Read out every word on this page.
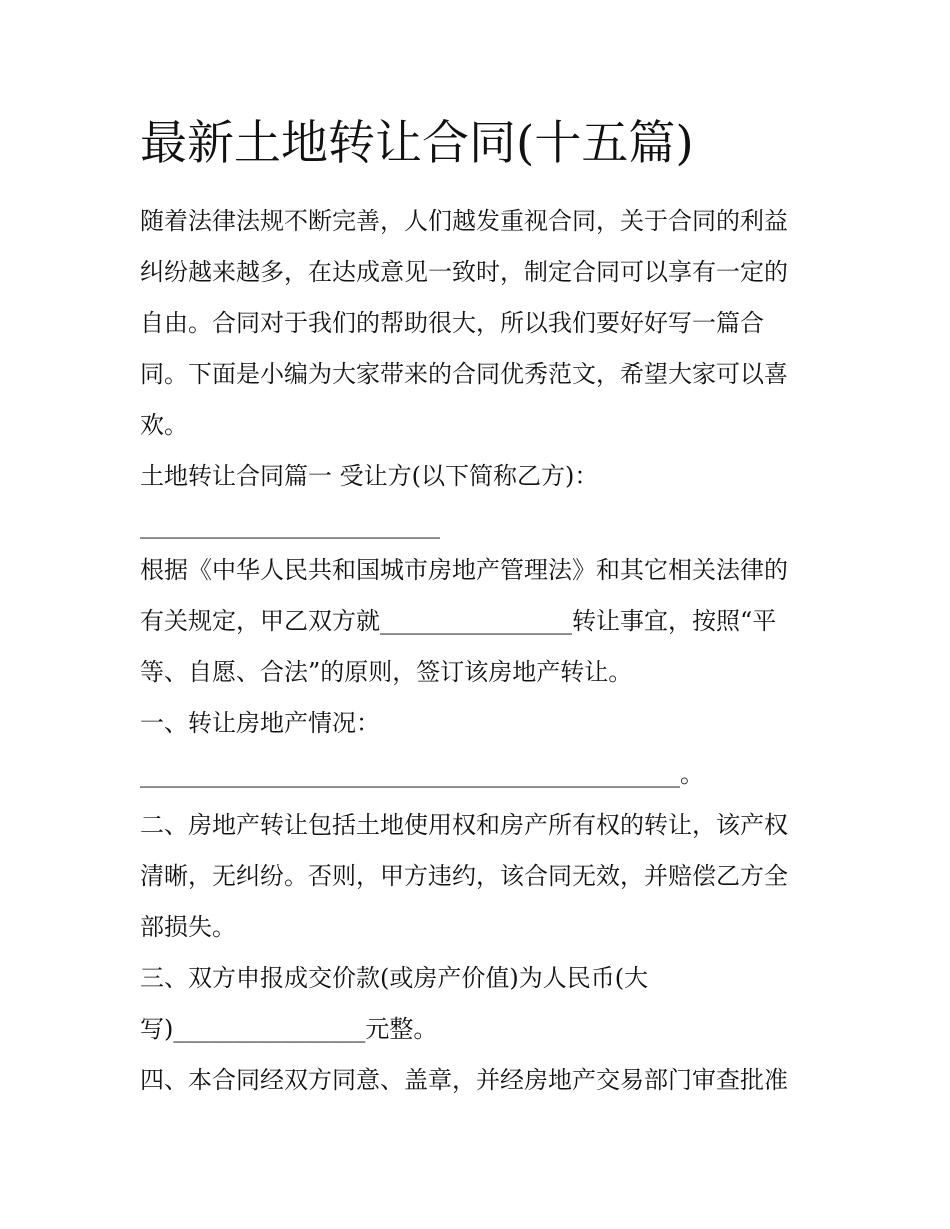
最新土地转让合同(十五篇)
随着法律法规不断完善，人们越发重视合同，关于合同的利益
纠纷越来越多，在达成意见一致时，制定合同可以享有一定的
自由。合同对于我们的帮助很大，所以我们要好好写一篇合
同。下面是小编为大家带来的合同优秀范文，希望大家可以喜
欢。
土地转让合同篇一 受让方(以下简称乙方)：
_________________________
根据《中华人民共和国城市房地产管理法》和其它相关法律的
有关规定，甲乙双方就________________转让事宜，按照“平
等、自愿、合法”的原则，签订该房地产转让。
一、转让房地产情况：
_____________________________________________。
二、房地产转让包括土地使用权和房产所有权的转让，该产权
清晰，无纠纷。否则，甲方违约，该合同无效，并赔偿乙方全
部损失。
三、双方申报成交价款(或房产价值)为人民币(大
写)________________元整。
四、本合同经双方同意、盖章，并经房地产交易部门审查批准
